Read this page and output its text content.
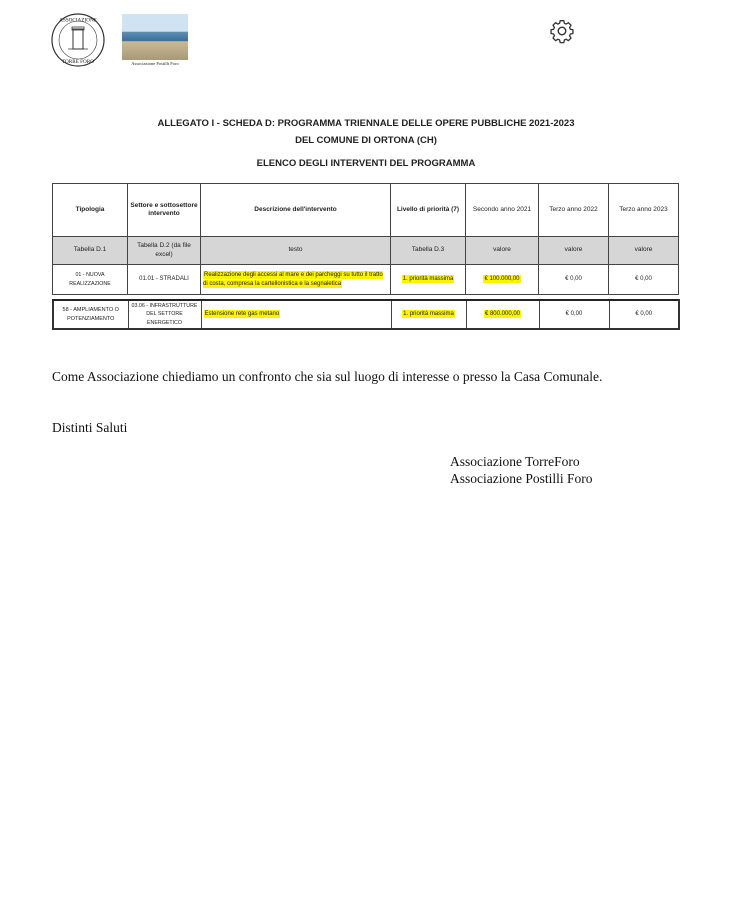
ASSOCIAZIONE
TORRE FORO	Associazione Postilli Foro
ALLEGATO I - SCHEDA D: PROGRAMMA TRIENNALE DELLE OPERE PUBBLICHE 2021-2023
DEL COMUNE DI ORTONA (CH)
ELENCO DEGLI INTERVENTI DEL PROGRAMMA
Tipologia	Settore e sottosettore intervento	Descrizione dell'intervento	Livello di priorità (7)	Secondo anno 2021	Terzo anno 2022	Terzo anno 2023
Tabella D.1	Tabella D.2 (da file excel)	testo	Tabella D.3	valore	valore	valore
01 - NUOVA REALIZZAZIONE	01.01 - STRADALI	Realizzazione degli accessi al mare e dei parcheggi su tutto il tratto di costa, compresa la cartellonistica e la segnaletica	1. priorità massima	€ 100.000,00	€ 0,00	€ 0,00
58 - AMPLIAMENTO O POTENZIAMENTO	03.06 - INFRASTRUTTURE DEL SETTORE ENERGETICO	Estensione rete gas metano	1. priorità massima	€ 800.000,00	€ 0,00	€ 0,00
Come Associazione chiediamo un confronto che sia sul luogo di interesse o presso la Casa Comunale.
Distinti Saluti
Associazione TorreForo
Associazione Postilli Foro
